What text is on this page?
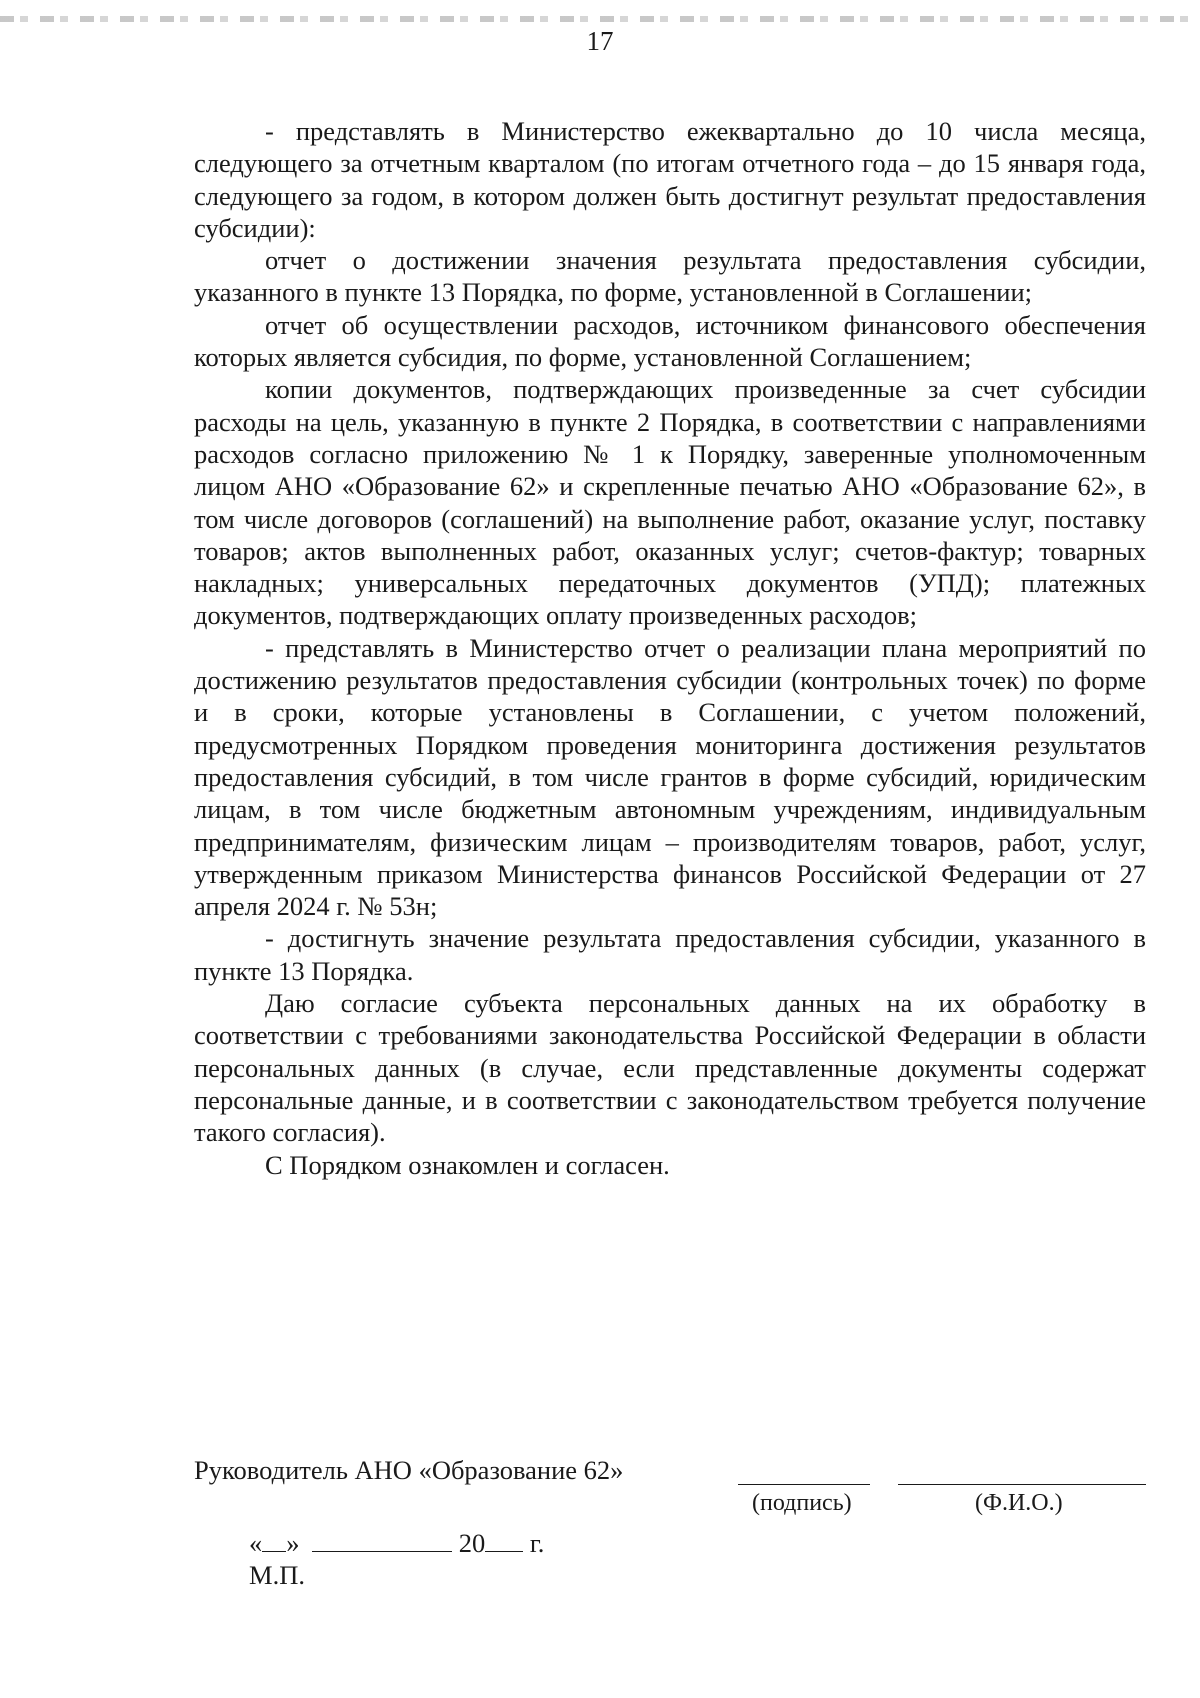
17

- представлять в Министерство ежеквартально до 10 числа месяца, следующего за отчетным кварталом (по итогам отчетного года – до 15 января года, следующего за годом, в котором должен быть достигнут результат предоставления субсидии):

отчет о достижении значения результата предоставления субсидии, указанного в пункте 13 Порядка, по форме, установленной в Соглашении;

отчет об осуществлении расходов, источником финансового обеспечения которых является субсидия, по форме, установленной Соглашением;

копии документов, подтверждающих произведенные за счет субсидии расходы на цель, указанную в пункте 2 Порядка, в соответствии с направлениями расходов согласно приложению № 1 к Порядку, заверенные уполномоченным лицом АНО «Образование 62» и скрепленные печатью АНО «Образование 62», в том числе договоров (соглашений) на выполнение работ, оказание услуг, поставку товаров; актов выполненных работ, оказанных услуг; счетов-фактур; товарных накладных; универсальных передаточных документов (УПД); платежных документов, подтверждающих оплату произведенных расходов;

- представлять в Министерство отчет о реализации плана мероприятий по достижению результатов предоставления субсидии (контрольных точек) по форме и в сроки, которые установлены в Соглашении, с учетом положений, предусмотренных Порядком проведения мониторинга достижения результатов предоставления субсидий, в том числе грантов в форме субсидий, юридическим лицам, в том числе бюджетным автономным учреждениям, индивидуальным предпринимателям, физическим лицам – производителям товаров, работ, услуг, утвержденным приказом Министерства финансов Российской Федерации от 27 апреля 2024 г. № 53н;

- достигнуть значение результата предоставления субсидии, указанного в пункте 13 Порядка.

Даю согласие субъекта персональных данных на их обработку в соответствии с требованиями законодательства Российской Федерации в области персональных данных (в случае, если представленные документы содержат персональные данные, и в соответствии с законодательством требуется получение такого согласия).

С Порядком ознакомлен и согласен.

Руководитель АНО «Образование 62»
(подпись)	(Ф.И.О.)
« »	20 г.
М.П.
